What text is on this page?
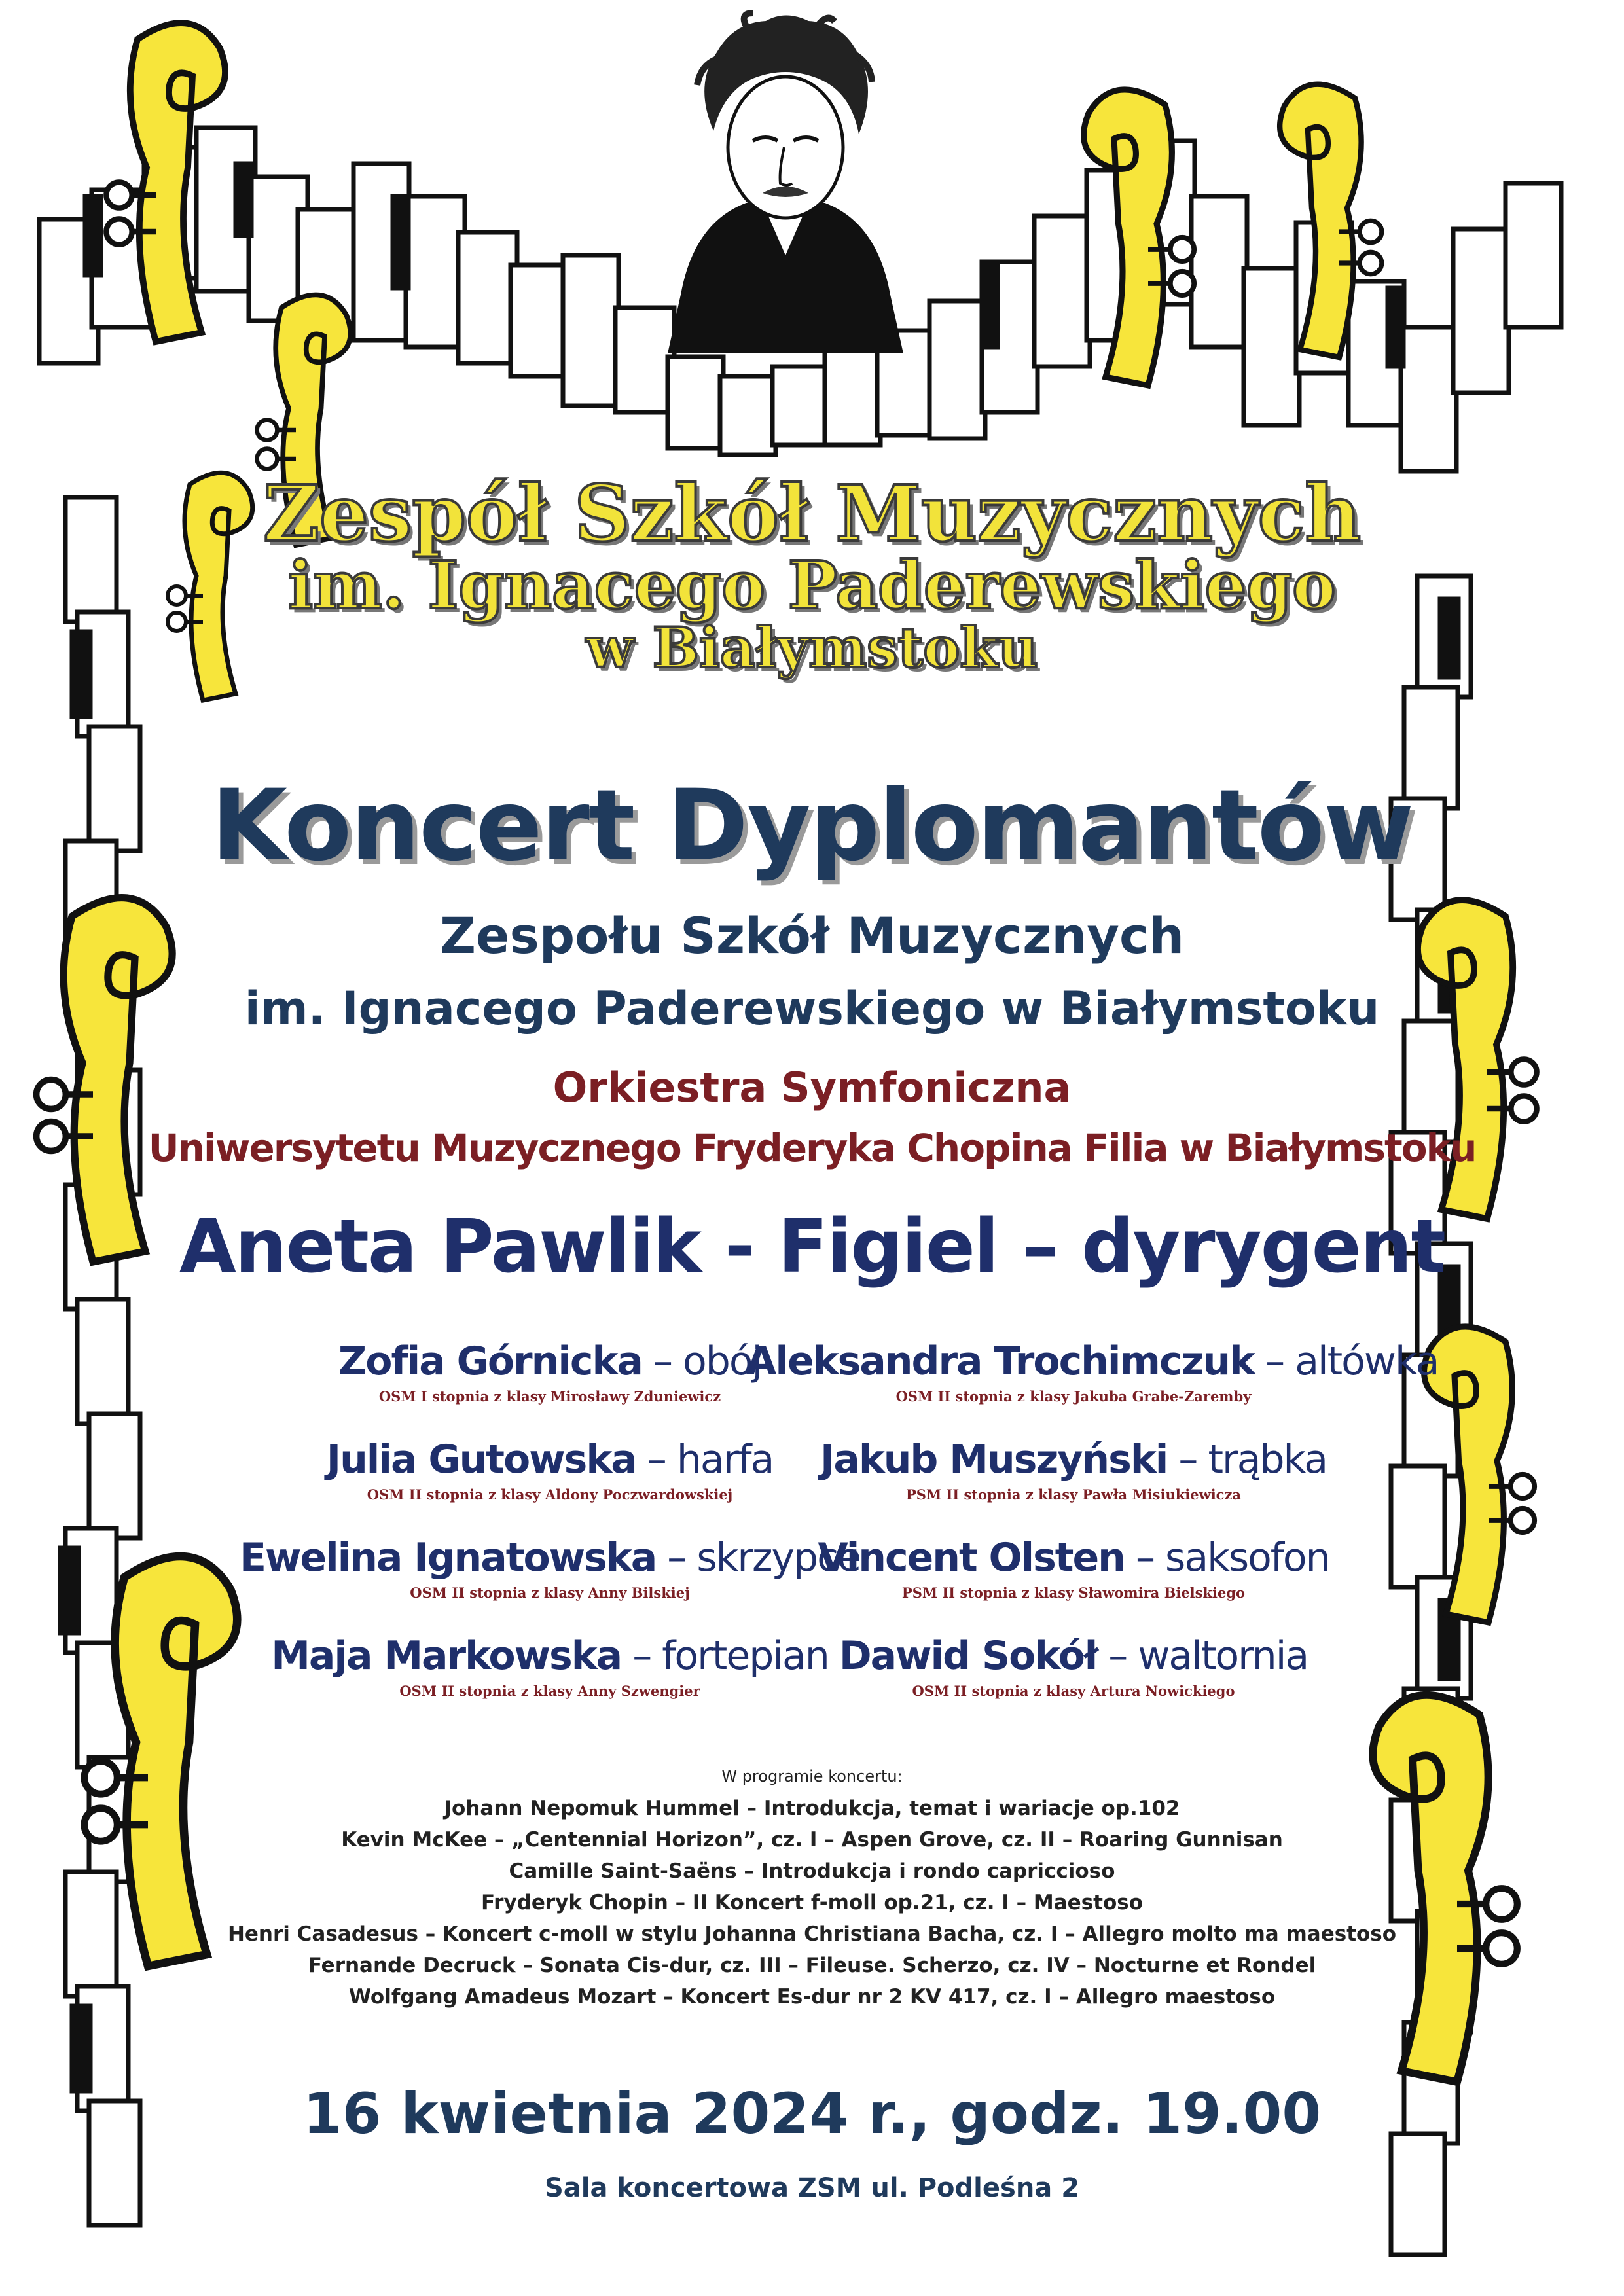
Zespół Szkół Muzycznych
im. Ignacego Paderewskiego
w Białymstoku
Koncert Dyplomantów
Zespołu Szkół Muzycznych
im. Ignacego Paderewskiego w Białymstoku
Orkiestra Symfoniczna
Uniwersytetu Muzycznego Fryderyka Chopina Filia w Białymstoku
Aneta Pawlik - Figiel – dyrygent
Zofia Górnicka – obój
OSM I stopnia z klasy Mirosławy Zduniewicz
Aleksandra Trochimczuk – altówka
OSM II stopnia z klasy Jakuba Grabe-Zaremby
Julia Gutowska – harfa
OSM II stopnia z klasy Aldony Poczwardowskiej
Jakub Muszyński – trąbka
PSM II stopnia z klasy Pawła Misiukiewicza
Ewelina Ignatowska – skrzypce
OSM II stopnia z klasy Anny Bilskiej
Vincent Olsten – saksofon
PSM II stopnia z klasy Sławomira Bielskiego
Maja Markowska – fortepian
OSM II stopnia z klasy Anny Szwengier
Dawid Sokół – waltornia
OSM II stopnia z klasy Artura Nowickiego
W programie koncertu:
Johann Nepomuk Hummel – Introdukcja, temat i wariacje op.102
Kevin McKee – „Centennial Horizon”, cz. I – Aspen Grove, cz. II – Roaring Gunnisan
Camille Saint-Saëns – Introdukcja i rondo capriccioso
Fryderyk Chopin – II Koncert f-moll op.21, cz. I – Maestoso
Henri Casadesus – Koncert c-moll w stylu Johanna Christiana Bacha, cz. I – Allegro molto ma maestoso
Fernande Decruck – Sonata Cis-dur, cz. III – Fileuse. Scherzo, cz. IV – Nocturne et Rondel
Wolfgang Amadeus Mozart – Koncert Es-dur nr 2 KV 417, cz. I – Allegro maestoso
16 kwietnia 2024 r., godz. 19.00
Sala koncertowa ZSM ul. Podleśna 2
